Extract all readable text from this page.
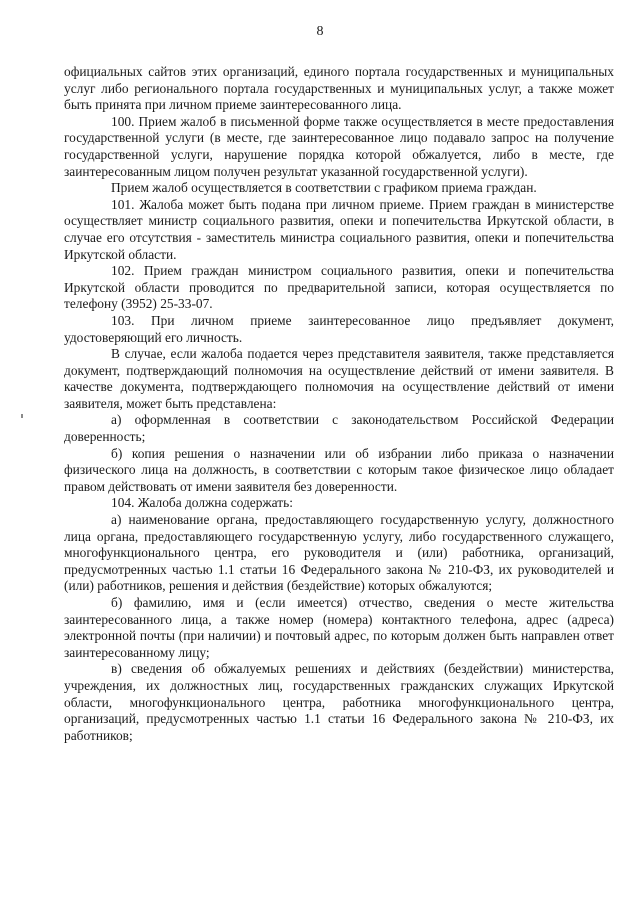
8

официальных сайтов этих организаций, единого портала государственных и муниципальных услуг либо регионального портала государственных и муниципальных услуг, а также может быть принята при личном приеме заинтересованного лица.

100. Прием жалоб в письменной форме также осуществляется в месте предоставления государственной услуги (в месте, где заинтересованное лицо подавало запрос на получение государственной услуги, нарушение порядка которой обжалуется, либо в месте, где заинтересованным лицом получен результат указанной государственной услуги).

Прием жалоб осуществляется в соответствии с графиком приема граждан.

101. Жалоба может быть подана при личном приеме. Прием граждан в министерстве осуществляет министр социального развития, опеки и попечительства Иркутской области, в случае его отсутствия - заместитель министра социального развития, опеки и попечительства Иркутской области.

102. Прием граждан министром социального развития, опеки и попечительства Иркутской области проводится по предварительной записи, которая осуществляется по телефону (3952) 25-33-07.

103. При личном приеме заинтересованное лицо предъявляет документ, удостоверяющий его личность.

В случае, если жалоба подается через представителя заявителя, также представляется документ, подтверждающий полномочия на осуществление действий от имени заявителя. В качестве документа, подтверждающего полномочия на осуществление действий от имени заявителя, может быть представлена:

а) оформленная в соответствии с законодательством Российской Федерации доверенность;

б) копия решения о назначении или об избрании либо приказа о назначении физического лица на должность, в соответствии с которым такое физическое лицо обладает правом действовать от имени заявителя без доверенности.

104. Жалоба должна содержать:

а) наименование органа, предоставляющего государственную услугу, должностного лица органа, предоставляющего государственную услугу, либо государственного служащего, многофункционального центра, его руководителя и (или) работника, организаций, предусмотренных частью 1.1 статьи 16 Федерального закона № 210-ФЗ, их руководителей и (или) работников, решения и действия (бездействие) которых обжалуются;

б) фамилию, имя и (если имеется) отчество, сведения о месте жительства заинтересованного лица, а также номер (номера) контактного телефона, адрес (адреса) электронной почты (при наличии) и почтовый адрес, по которым должен быть направлен ответ заинтересованному лицу;

в) сведения об обжалуемых решениях и действиях (бездействии) министерства, учреждения, их должностных лиц, государственных гражданских служащих Иркутской области, многофункционального центра, работника многофункционального центра, организаций, предусмотренных частью 1.1 статьи 16 Федерального закона № 210-ФЗ, их работников;
